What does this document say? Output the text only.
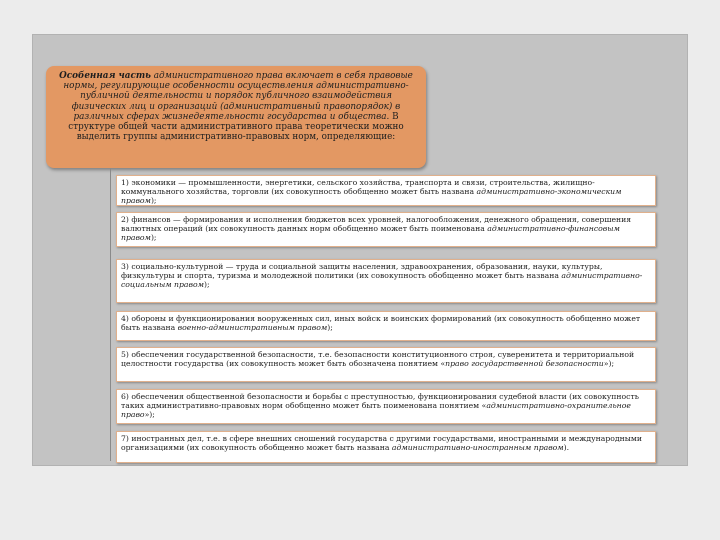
Особенная часть административного права включает в себя правовые нормы, регулирующие особенности осуществления административно-публичной деятельности и порядок публичного взаимодействия физических лиц и организаций (административный правопорядок) в различных сферах жизнедеятельности государства и общества. В структуре общей части административного права теоретически можно выделить группы административно-правовых норм, определяющие:
1) экономики — промышленности, энергетики, сельского хозяйства, транспорта и связи, строительства, жилищно-коммунального хозяйства, торговли (их совокупность обобщенно может быть названа административно-экономическим правом);
2) финансов — формирования и исполнения бюджетов всех уровней, налогообложения, денежного обращения, совершения валютных операций (их совокупность данных норм обобщенно может быть поименована административно-финансовым правом);
3) социально-культурной — труда и социальной защиты населения, здравоохранения, образования, науки, культуры, физкультуры и спорта, туризма и молодежной политики (их совокупность обобщенно может быть названа административно-социальным правом);
4) обороны и функционирования вооруженных сил, иных войск и воинских формирований (их совокупность обобщенно может быть названа военно-административным правом);
5) обеспечения государственной безопасности, т.е. безопасности конституционного строя, суверенитета и территориальной целостности государства (их совокупность может быть обозначена понятием «право государственной безопасности»);
6) обеспечения общественной безопасности и борьбы с преступностью, функционирования судебной власти (их совокупность таких административно-правовых норм обобщенно может быть поименована понятием «административно-охранительное право»);
7) иностранных дел, т.е. в сфере внешних сношений государства с другими государствами, иностранными и международными организациями (их совокупность обобщенно может быть названа административно-иностранным правом).
